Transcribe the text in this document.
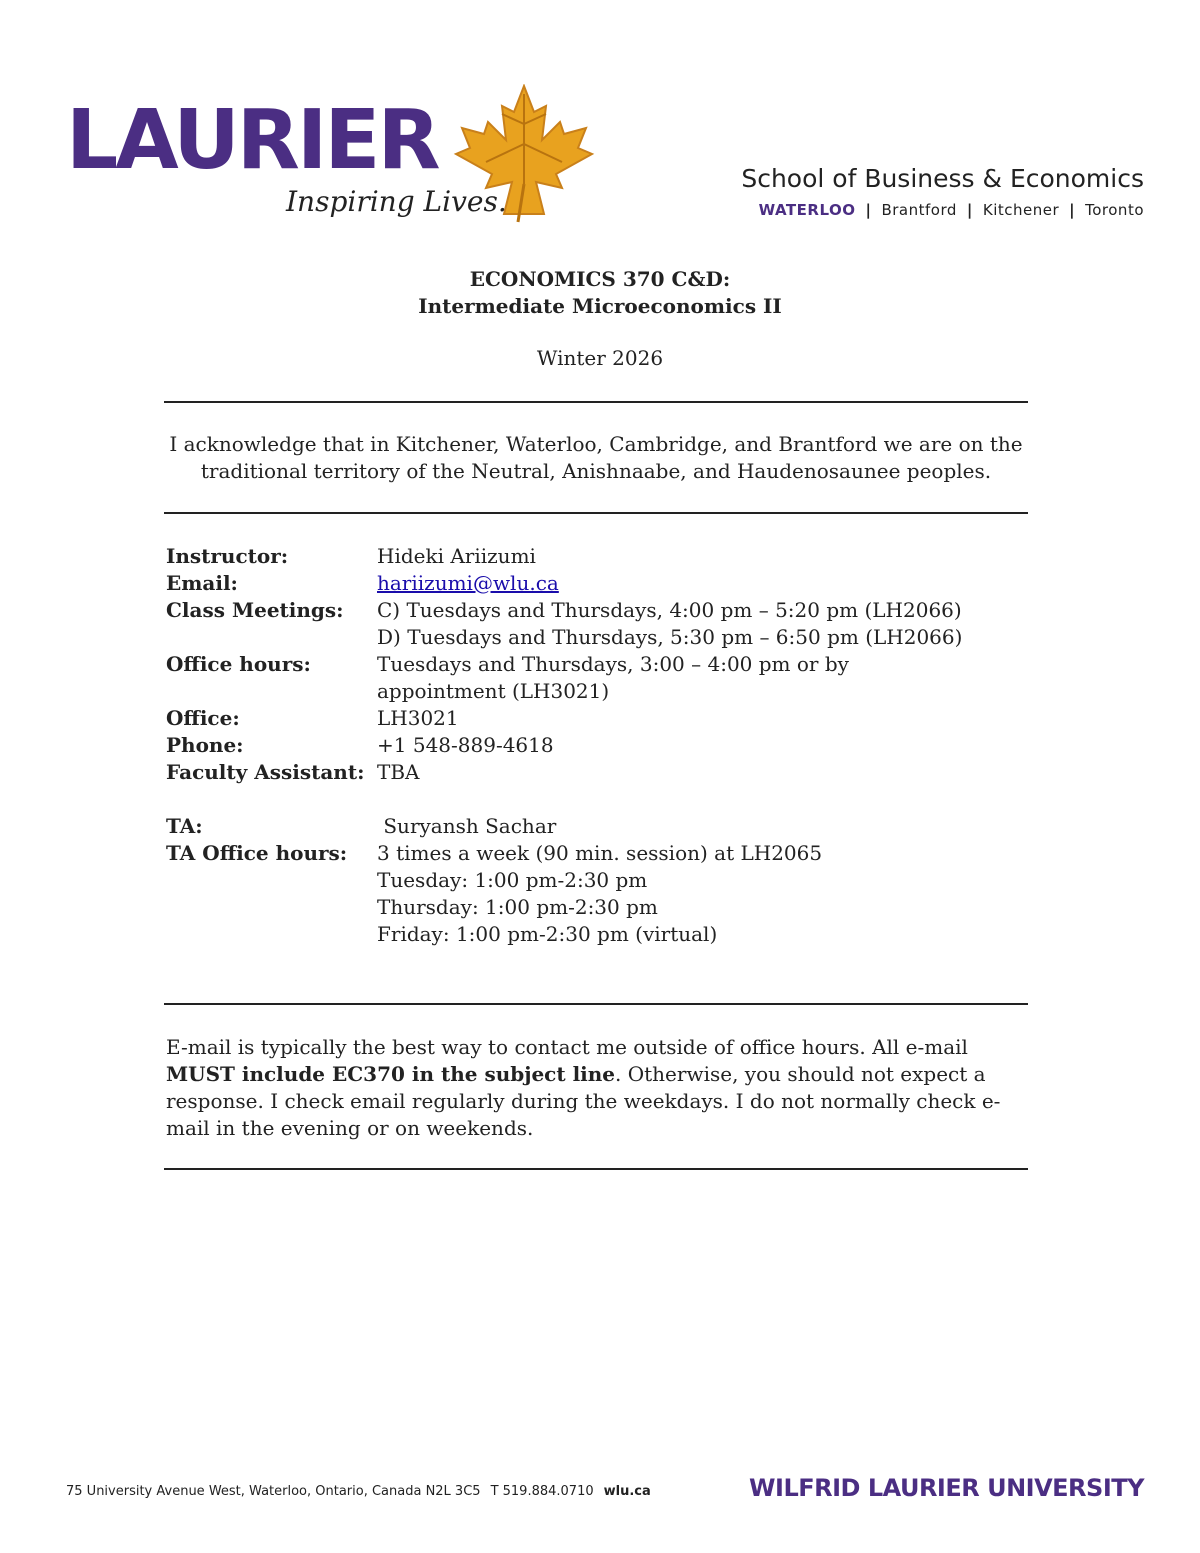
LAURIER
Inspiring Lives.
School of Business & Economics
WATERLOO | Brantford | Kitchener | Toronto
ECONOMICS 370 C&D:
Intermediate Microeconomics II
Winter 2026
I acknowledge that in Kitchener, Waterloo, Cambridge, and Brantford we are on the traditional territory of the Neutral, Anishnaabe, and Haudenosaunee peoples.
Instructor:	Hideki Ariizumi
Email:	hariizumi@wlu.ca
Class Meetings:	C) Tuesdays and Thursdays, 4:00 pm – 5:20 pm (LH2066)
D) Tuesdays and Thursdays, 5:30 pm – 6:50 pm (LH2066)
Office hours:	Tuesdays and Thursdays, 3:00 – 4:00 pm or by appointment (LH3021)
Office:	LH3021
Phone:	+1 548-889-4618
Faculty Assistant: TBA
TA:	Suryansh Sachar
TA Office hours:	3 times a week (90 min. session) at LH2065
Tuesday: 1:00 pm-2:30 pm
Thursday: 1:00 pm-2:30 pm
Friday: 1:00 pm-2:30 pm (virtual)
E-mail is typically the best way to contact me outside of office hours. All e-mail MUST include EC370 in the subject line. Otherwise, you should not expect a response. I check email regularly during the weekdays. I do not normally check e-mail in the evening or on weekends.
75 University Avenue West, Waterloo, Ontario, Canada N2L 3C5 T 519.884.0710 wlu.ca	WILFRID LAURIER UNIVERSITY
